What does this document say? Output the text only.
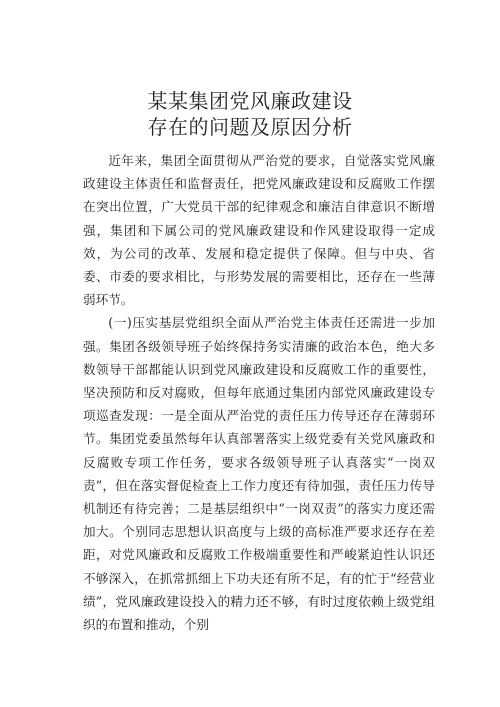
某某集团党风廉政建设
存在的问题及原因分析

近年来，集团全面贯彻从严治党的要求，自觉落实党风廉政建设主体责任和监督责任，把党风廉政建设和反腐败工作摆在突出位置，广大党员干部的纪律观念和廉洁自律意识不断增强，集团和下属公司的党风廉政建设和作风建设取得一定成效，为公司的改革、发展和稳定提供了保障。但与中央、省委、市委的要求相比，与形势发展的需要相比，还存在一些薄弱环节。

(一)压实基层党组织全面从严治党主体责任还需进一步加强。集团各级领导班子始终保持务实清廉的政治本色，绝大多数领导干部都能认识到党风廉政建设和反腐败工作的重要性，坚决预防和反对腐败，但每年底通过集团内部党风廉政建设专项巡查发现：一是全面从严治党的责任压力传导还存在薄弱环节。集团党委虽然每年认真部署落实上级党委有关党风廉政和反腐败专项工作任务，要求各级领导班子认真落实“一岗双责”，但在落实督促检查上工作力度还有待加强，责任压力传导机制还有待完善；二是基层组织中“一岗双责”的落实力度还需加大。个别同志思想认识高度与上级的高标准严要求还存在差距，对党风廉政和反腐败工作极端重要性和严峻紧迫性认识还不够深入，在抓常抓细上下功夫还有所不足，有的忙于“经营业绩”，党风廉政建设投入的精力还不够，有时过度依赖上级党组织的布置和推动，个别
